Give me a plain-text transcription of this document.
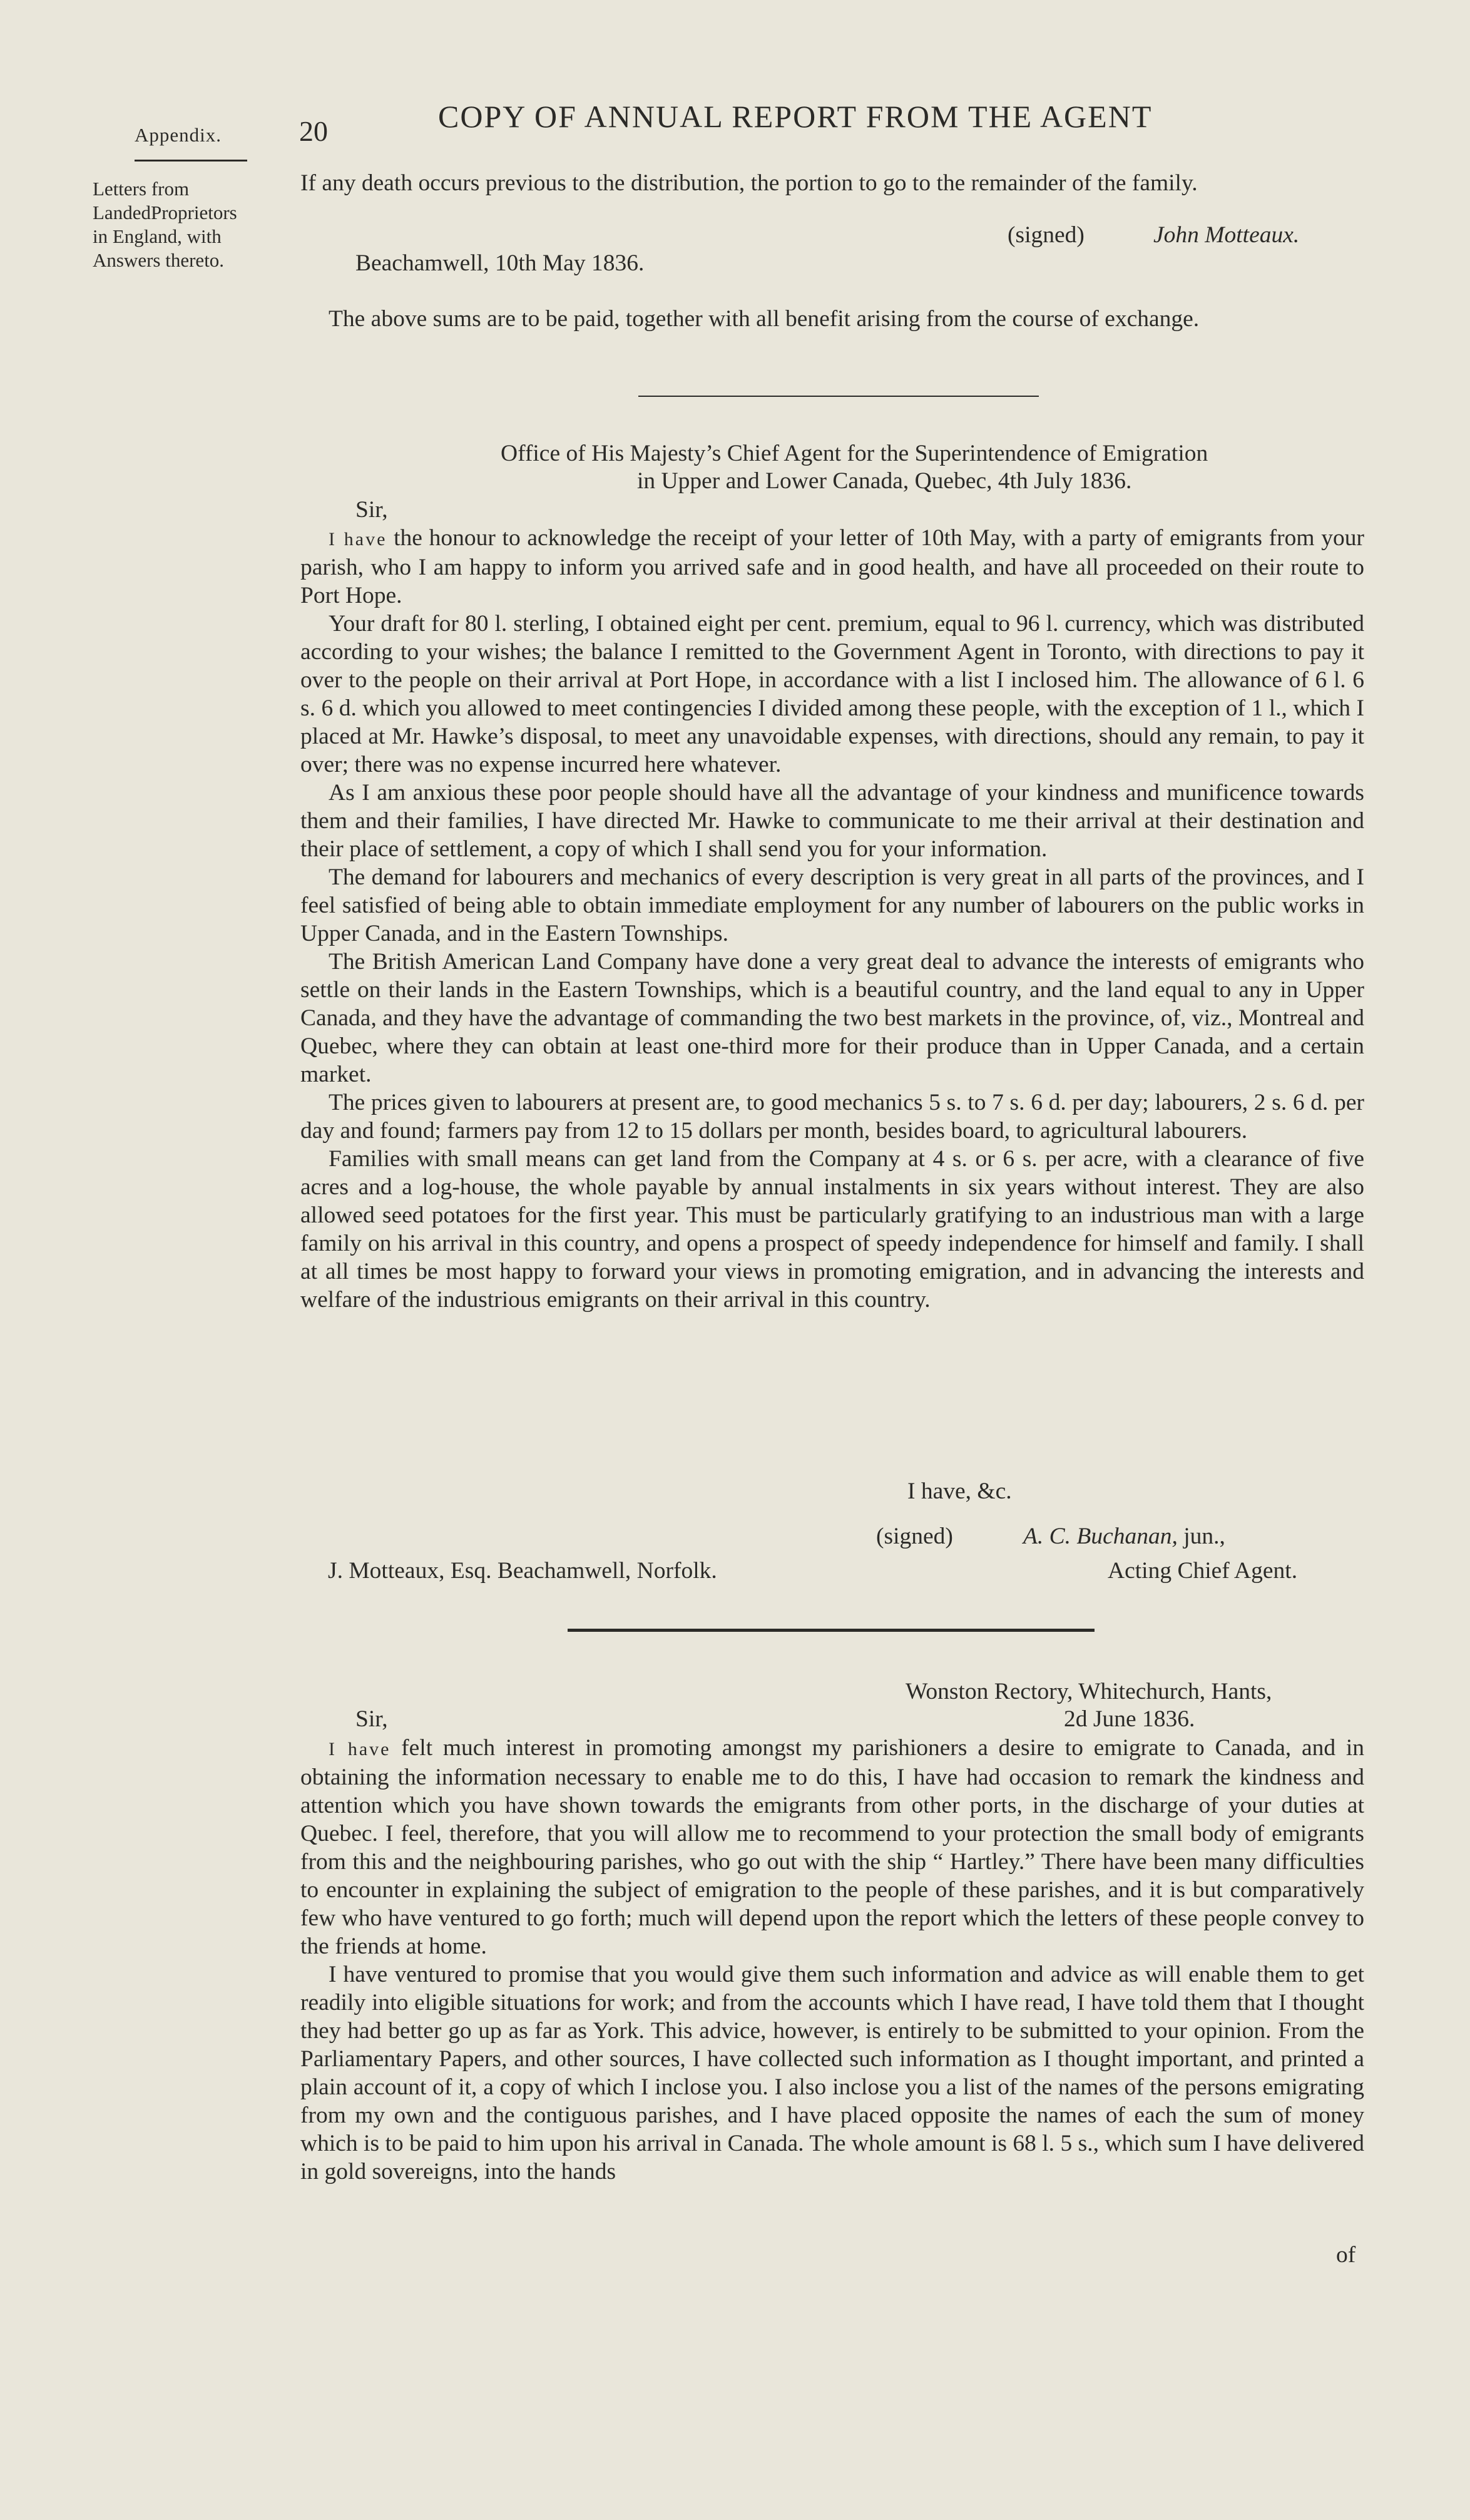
Appendix.	20	COPY OF ANNUAL REPORT FROM THE AGENT
Letters from
LandedProprietors
in England, with
Answers thereto.

If any death occurs previous to the distribution, the portion to go to the remainder of the family.

(signed)	John Motteaux.
Beachamwell, 10th May 1836.

The above sums are to be paid, together with all benefit arising from the course of exchange.

Office of His Majesty’s Chief Agent for the Superintendence of Emigration
in Upper and Lower Canada, Quebec, 4th July 1836.
Sir,

I have the honour to acknowledge the receipt of your letter of 10th May, with a party of emigrants from your parish, who I am happy to inform you arrived safe and in good health, and have all proceeded on their route to Port Hope.

Your draft for 80 l. sterling, I obtained eight per cent. premium, equal to 96 l. currency, which was distributed according to your wishes; the balance I remitted to the Government Agent in Toronto, with directions to pay it over to the people on their arrival at Port Hope, in accordance with a list I inclosed him. The allowance of 6 l. 6 s. 6 d. which you allowed to meet contingencies I divided among these people, with the exception of 1 l., which I placed at Mr. Hawke’s disposal, to meet any unavoidable expenses, with directions, should any remain, to pay it over; there was no expense incurred here whatever.

As I am anxious these poor people should have all the advantage of your kindness and munificence towards them and their families, I have directed Mr. Hawke to communicate to me their arrival at their destination and their place of settlement, a copy of which I shall send you for your information.

The demand for labourers and mechanics of every description is very great in all parts of the provinces, and I feel satisfied of being able to obtain immediate employment for any number of labourers on the public works in Upper Canada, and in the Eastern Townships.

The British American Land Company have done a very great deal to advance the interests of emigrants who settle on their lands in the Eastern Townships, which is a beautiful country, and the land equal to any in Upper Canada, and they have the advantage of commanding the two best markets in the province, of, viz., Montreal and Quebec, where they can obtain at least one-third more for their produce than in Upper Canada, and a certain market.

The prices given to labourers at present are, to good mechanics 5 s. to 7 s. 6 d. per day; labourers, 2 s. 6 d. per day and found; farmers pay from 12 to 15 dollars per month, besides board, to agricultural labourers.

Families with small means can get land from the Company at 4 s. or 6 s. per acre, with a clearance of five acres and a log-house, the whole payable by annual instalments in six years without interest. They are also allowed seed potatoes for the first year. This must be particularly gratifying to an industrious man with a large family on his arrival in this country, and opens a prospect of speedy independence for himself and family. I shall at all times be most happy to forward your views in promoting emigration, and in advancing the interests and welfare of the industrious emigrants on their arrival in this country.

I have, &c.
(signed)	A. C. Buchanan, jun.,
J. Motteaux, Esq. Beachamwell, Norfolk.	Acting Chief Agent.
Wonston Rectory, Whitechurch, Hants,
2d June 1836.
Sir,

I have felt much interest in promoting amongst my parishioners a desire to emigrate to Canada, and in obtaining the information necessary to enable me to do this, I have had occasion to remark the kindness and attention which you have shown towards the emigrants from other ports, in the discharge of your duties at Quebec. I feel, therefore, that you will allow me to recommend to your protection the small body of emigrants from this and the neighbouring parishes, who go out with the ship “ Hartley.” There have been many difficulties to encounter in explaining the subject of emigration to the people of these parishes, and it is but comparatively few who have ventured to go forth; much will depend upon the report which the letters of these people convey to the friends at home.

I have ventured to promise that you would give them such information and advice as will enable them to get readily into eligible situations for work; and from the accounts which I have read, I have told them that I thought they had better go up as far as York. This advice, however, is entirely to be submitted to your opinion. From the Parliamentary Papers, and other sources, I have collected such information as I thought important, and printed a plain account of it, a copy of which I inclose you. I also inclose you a list of the names of the persons emigrating from my own and the contiguous parishes, and I have placed opposite the names of each the sum of money which is to be paid to him upon his arrival in Canada. The whole amount is 68 l. 5 s., which sum I have delivered in gold sovereigns, into the hands

of
